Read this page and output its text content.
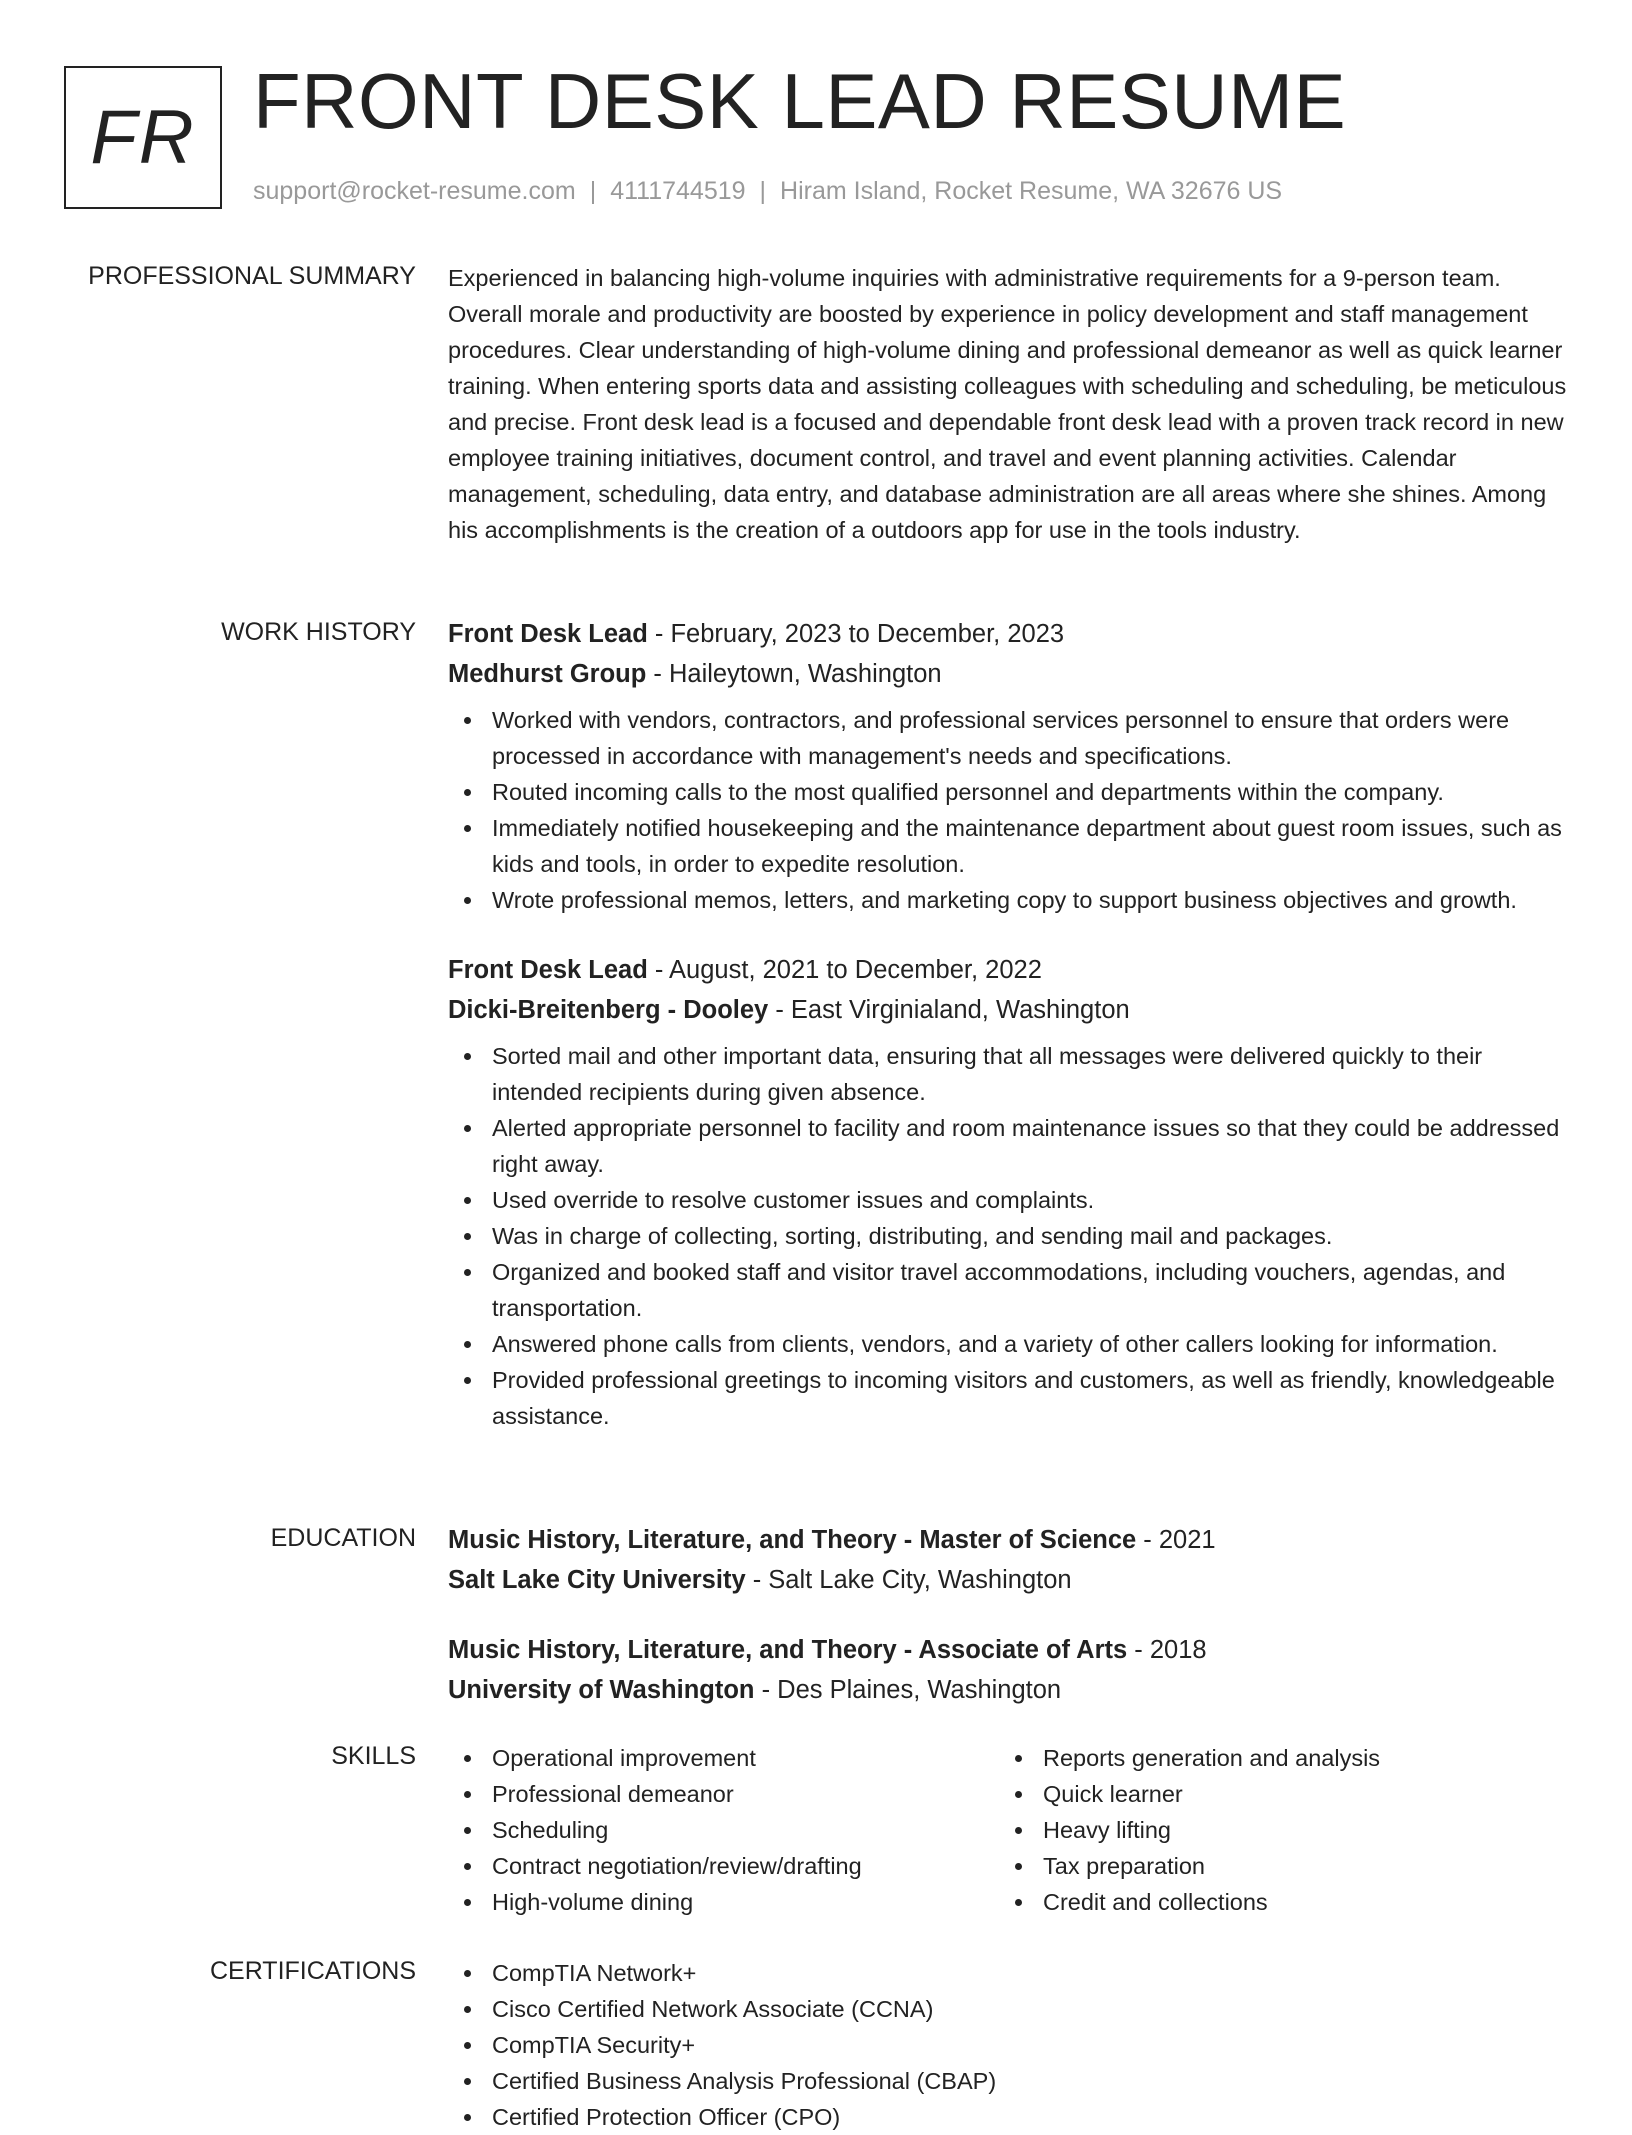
FR FRONT DESK LEAD RESUME
support@rocket-resume.com | 4111744519 | Hiram Island, Rocket Resume, WA 32676 US
PROFESSIONAL SUMMARY Experienced in balancing high-volume inquiries with administrative requirements for a 9-person team. Overall morale and productivity are boosted by experience in policy development and staff management procedures. Clear understanding of high-volume dining and professional demeanor as well as quick learner training. When entering sports data and assisting colleagues with scheduling and scheduling, be meticulous and precise. Front desk lead is a focused and dependable front desk lead with a proven track record in new employee training initiatives, document control, and travel and event planning activities. Calendar management, scheduling, data entry, and database administration are all areas where she shines. Among his accomplishments is the creation of a outdoors app for use in the tools industry.

WORK HISTORY Front Desk Lead - February, 2023 to December, 2023
Medhurst Group - Haileytown, Washington
Worked with vendors, contractors, and professional services personnel to ensure that orders were processed in accordance with management's needs and specifications.
Routed incoming calls to the most qualified personnel and departments within the company.
Immediately notified housekeeping and the maintenance department about guest room issues, such as kids and tools, in order to expedite resolution.
Wrote professional memos, letters, and marketing copy to support business objectives and growth.
Front Desk Lead - August, 2021 to December, 2022
Dicki-Breitenberg - Dooley - East Virginialand, Washington
Sorted mail and other important data, ensuring that all messages were delivered quickly to their intended recipients during given absence.
Alerted appropriate personnel to facility and room maintenance issues so that they could be addressed right away.
Used override to resolve customer issues and complaints.
Was in charge of collecting, sorting, distributing, and sending mail and packages.
Organized and booked staff and visitor travel accommodations, including vouchers, agendas, and transportation.
Answered phone calls from clients, vendors, and a variety of other callers looking for information.
Provided professional greetings to incoming visitors and customers, as well as friendly, knowledgeable assistance.
EDUCATION Music History, Literature, and Theory - Master of Science - 2021
Salt Lake City University - Salt Lake City, Washington
Music History, Literature, and Theory - Associate of Arts - 2018
University of Washington - Des Plaines, Washington
SKILLS	Operational improvement
Professional demeanor
Scheduling
Contract negotiation/review/drafting
High-volume dining
Reports generation and analysis
Quick learner
Heavy lifting
Tax preparation
Credit and collections
CERTIFICATIONS	CompTIA Network+
Cisco Certified Network Associate (CCNA)
CompTIA Security+
Certified Business Analysis Professional (CBAP)
Certified Protection Officer (CPO)
